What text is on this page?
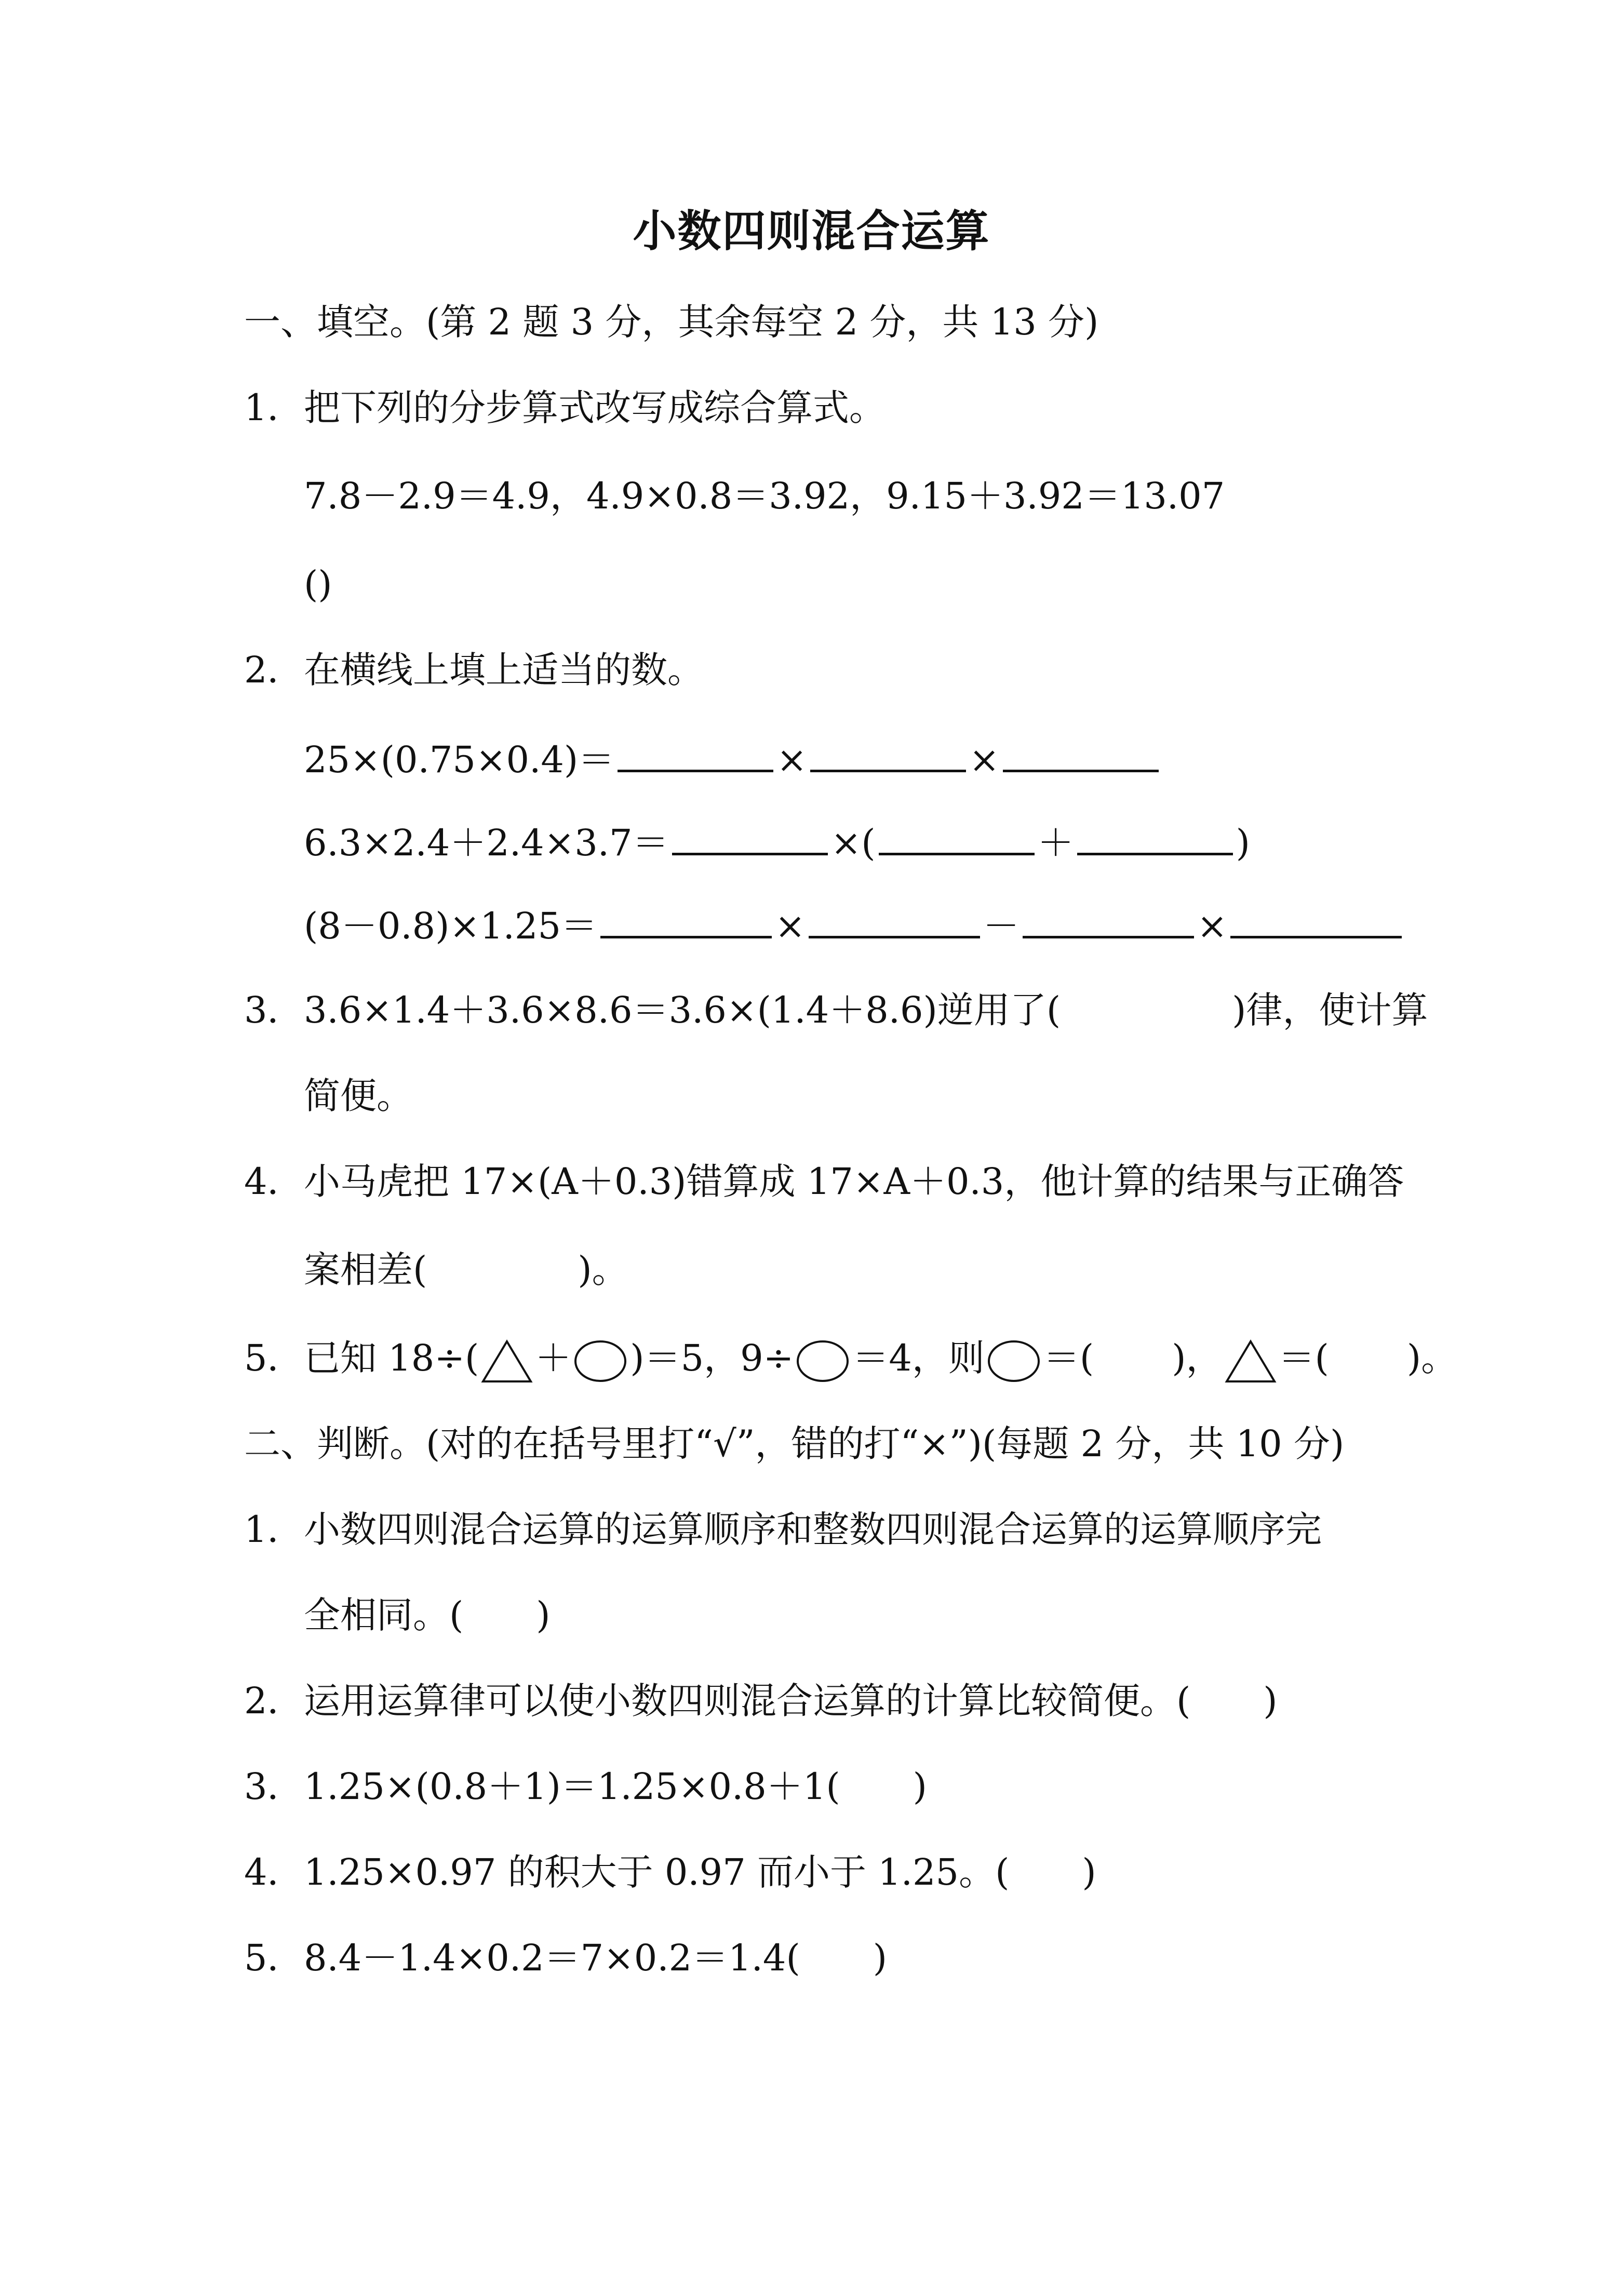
小数四则混合运算
一、填空。(第 2 题 3 分，其余每空 2 分，共 13 分)
1．把下列的分步算式改写成综合算式。
7.8－2.9＝4.9，4.9×0.8＝3.92，9.15＋3.92＝13.07
()
2．在横线上填上适当的数。
25×(0.75×0.4)＝	×	×
6.3×2.4＋2.4×3.7＝	×(	＋	)
(8－0.8)×1.25＝	×	－	×
3．3.6×1.4＋3.6×8.6＝3.6×(1.4＋8.6)逆用了(	)律，使计算
简便。
4．小马虎把 17×(A＋0.3)错算成 17×A＋0.3，他计算的结果与正确答
案相差(	)。
5．已知 18÷( ＋ )＝5，9÷ ＝4，则 ＝( )， ＝( )。
二、判断。(对的在括号里打“√”，错的打“×”)(每题 2 分，共 10 分)
1．小数四则混合运算的运算顺序和整数四则混合运算的运算顺序完
全相同。(　　)
2．运用运算律可以使小数四则混合运算的计算比较简便。(　　)
3．1.25×(0.8＋1)＝1.25×0.8＋1(　　)
4．1.25×0.97 的积大于 0.97 而小于 1.25。(　　)
5．8.4－1.4×0.2＝7×0.2＝1.4(　　)
